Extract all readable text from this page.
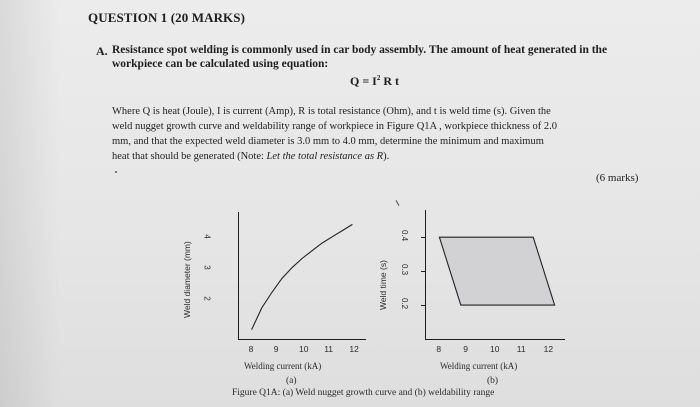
QUESTION 1 (20 MARKS)
A. Resistance spot welding is commonly used in car body assembly. The amount of heat generated in the
workpiece can be calculated using equation:
$Q = I^2$ R t
Where Q is heat (Joule), I is current (Amp), R is total resistance (Ohm), and t is weld time (s). Given the
weld nugget growth curve and weldability range of workpiece in Figure Q1A , workpiece thickness of 2.0
mm, and that the expected weld diameter is 3.0 mm to 4.0 mm, determine the minimum and maximum
heat that should be generated (Note: Let the total resistance as R).
(6 marks)
Weld diameter (mm)
8 9 10 11 12
2
3
4
Welding current (kA)
(a)
Weld time (s)
8	9	10 11 12
0.2
0.3
0.4
Welding current (kA)
(b)
Figure Q1A: (a) Weld nugget growth curve and (b) weldability range
